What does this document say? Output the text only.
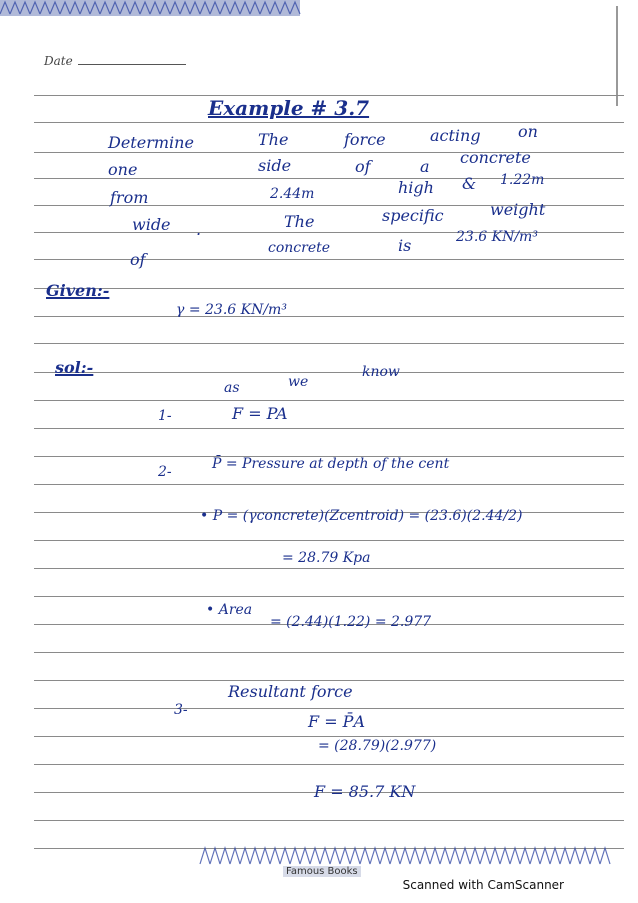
Date
Example # 3.7
Determine	The	force	acting on
one	side	of	a concrete
from	2.44m	high & 1.22m
wide .	The	specific	weight
of
concrete	is	23.6 KN/m³
Given:-
γ = 23.6 KN/m³
sol:-
as	we
know
1-	F = PA
2-	P̄ = Pressure at depth of the cent
• P = (γconcrete)(Zcentroid) = (23.6)(2.44/2)
= 28.79 Kpa
• Area
= (2.44)(1.22) = 2.977
3-
Resultant force
F = P̄A
= (28.79)(2.977)
F = 85.7 KN
Famous Books
Scanned with CamScanner
